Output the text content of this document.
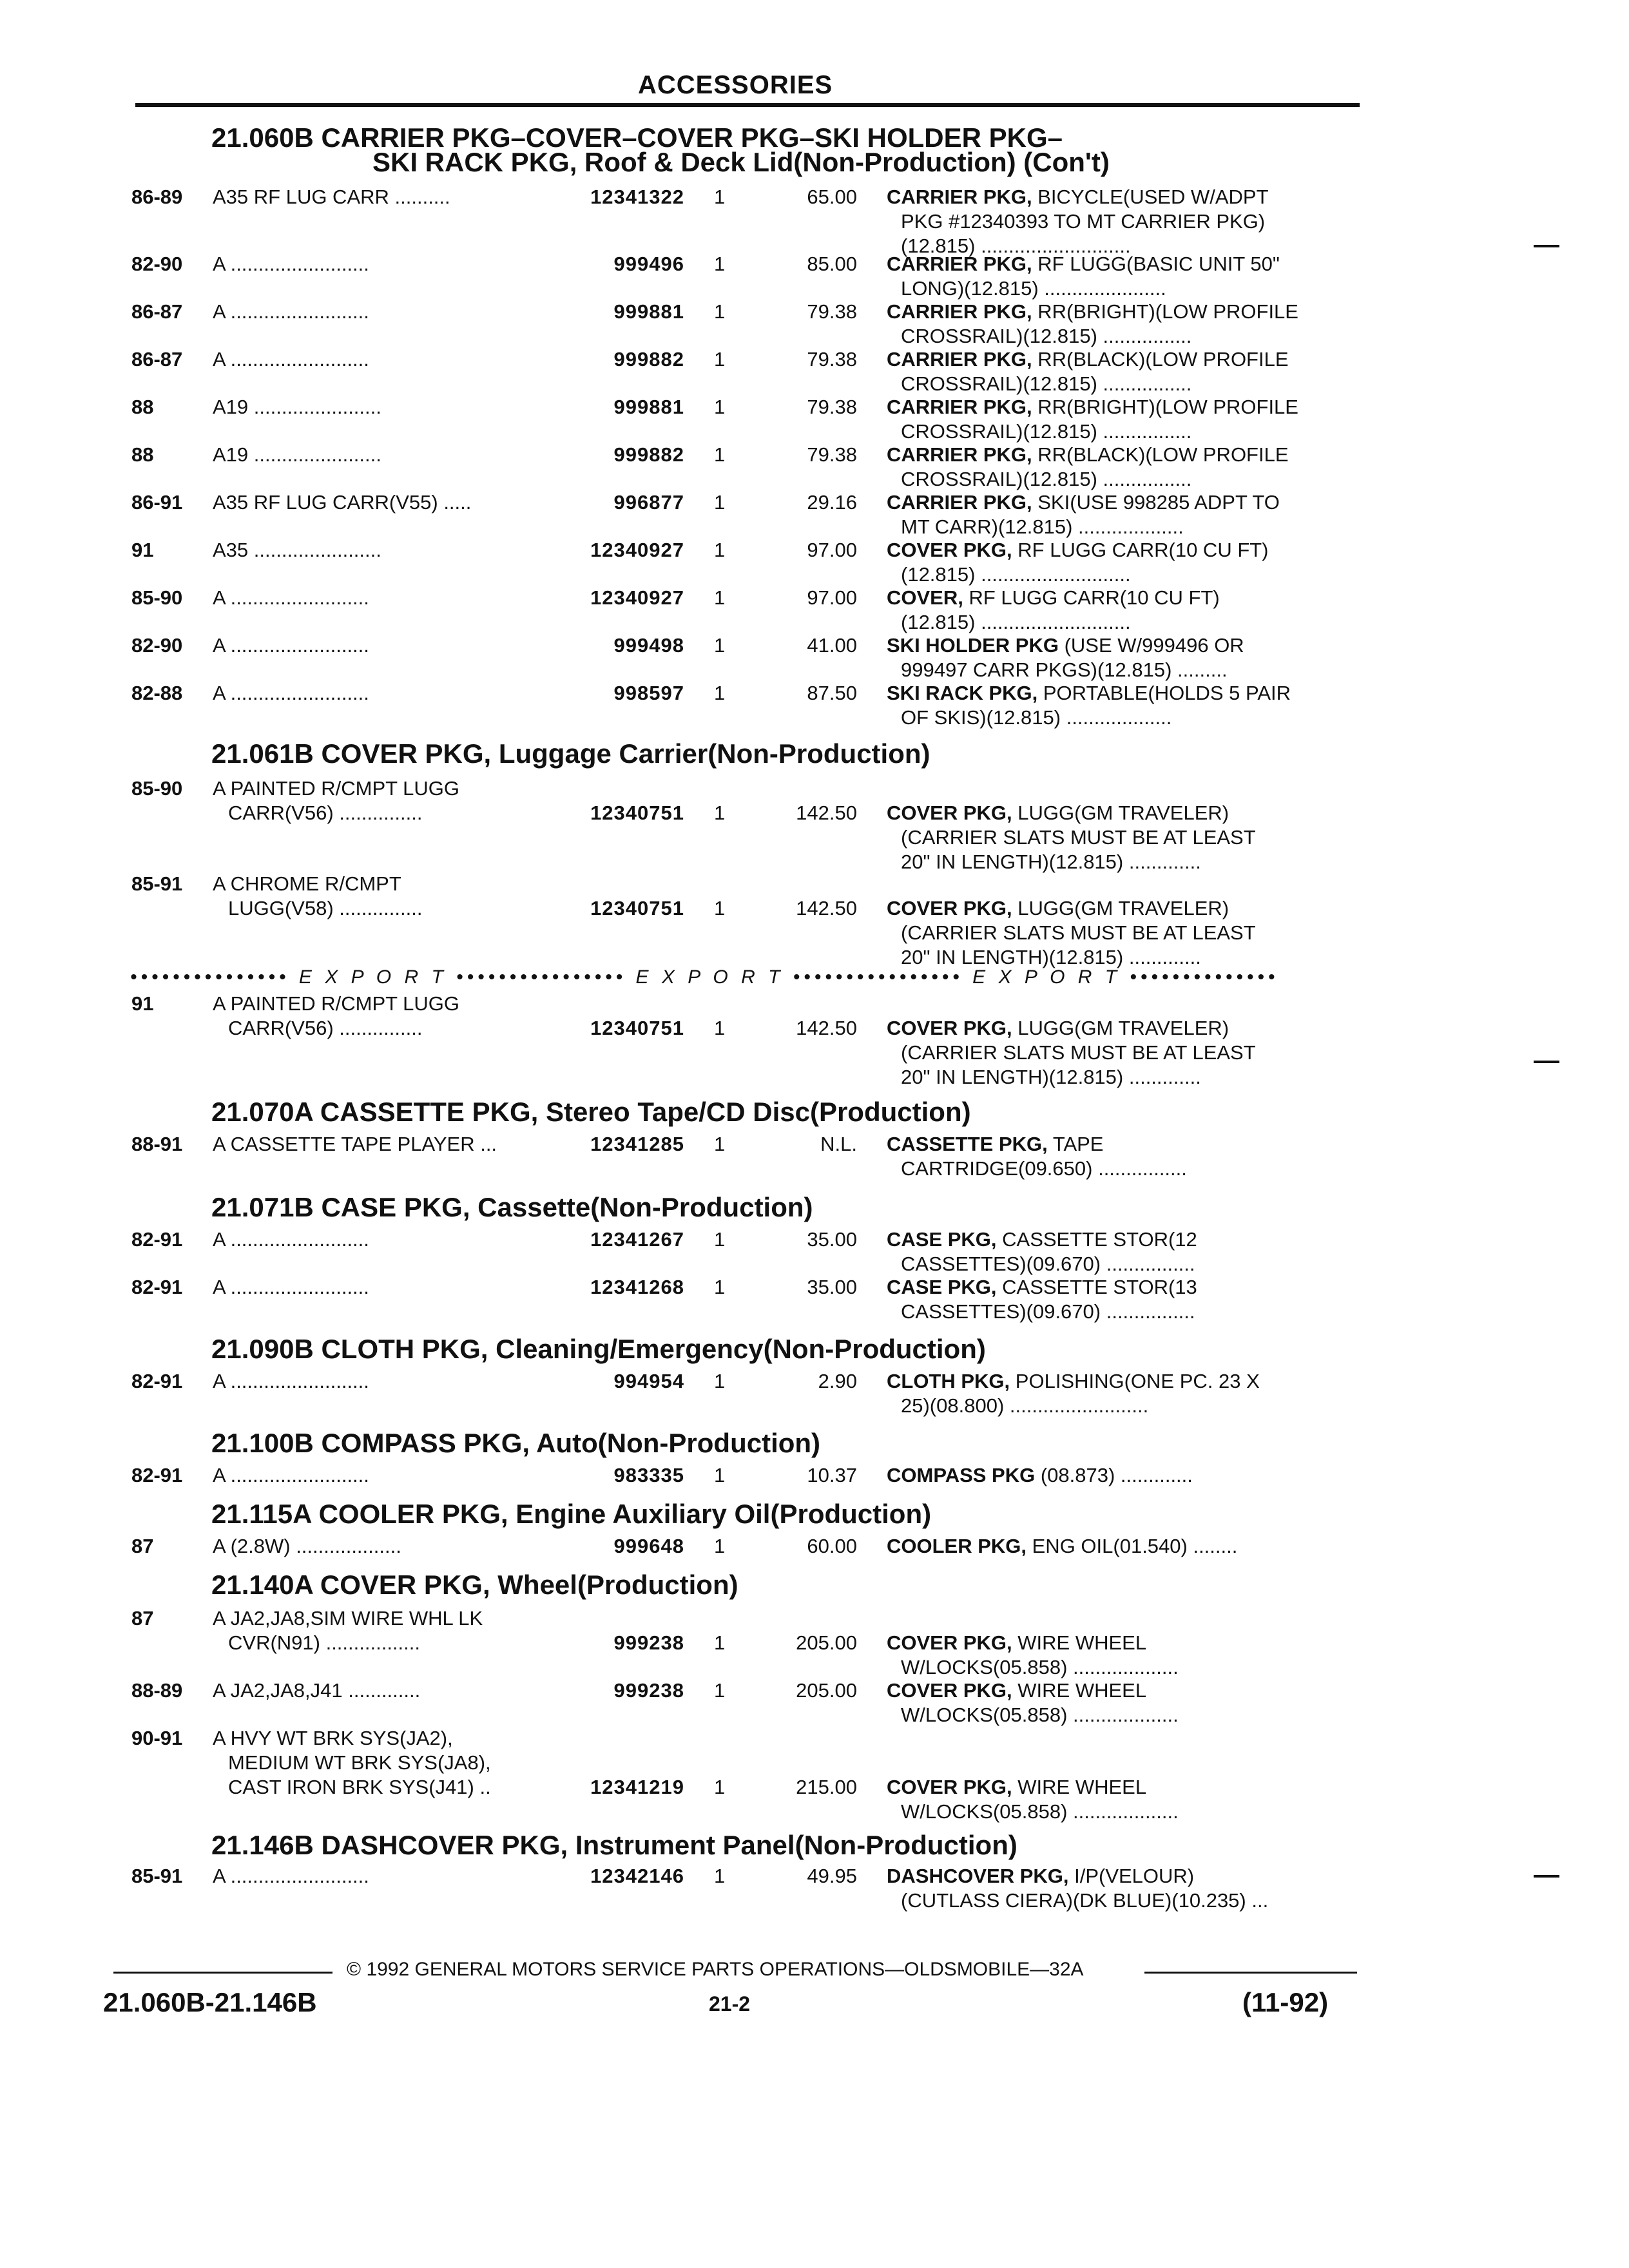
ACCESSORIES
21.060B CARRIER PKG–COVER–COVER PKG–SKI HOLDER PKG–
SKI RACK PKG, Roof & Deck Lid(Non-Production) (Con't)
86-89 A35 RF LUG CARR ..........	12341322 1	65.00 CARRIER PKG, BICYCLE(USED W/ADPT
PKG #12340393 TO MT CARRIER PKG)
(12.815) ...........................
82-90 A .........................	999496 1	85.00 CARRIER PKG, RF LUGG(BASIC UNIT 50"
LONG)(12.815) ......................
86-87 A .........................	999881 1	79.38 CARRIER PKG, RR(BRIGHT)(LOW PROFILE
CROSSRAIL)(12.815) ................
86-87 A .........................	999882 1	79.38 CARRIER PKG, RR(BLACK)(LOW PROFILE
CROSSRAIL)(12.815) ................
88	A19 .......................	999881 1	79.38 CARRIER PKG, RR(BRIGHT)(LOW PROFILE
CROSSRAIL)(12.815) ................
88	A19 .......................	999882 1	79.38 CARRIER PKG, RR(BLACK)(LOW PROFILE
CROSSRAIL)(12.815) ................
86-91 A35 RF LUG CARR(V55) .....	996877 1	29.16 CARRIER PKG, SKI(USE 998285 ADPT TO
MT CARR)(12.815) ...................
91	A35 .......................	12340927 1	97.00 COVER PKG, RF LUGG CARR(10 CU FT)
(12.815) ...........................
85-90 A .........................	12340927 1	97.00 COVER, RF LUGG CARR(10 CU FT)
(12.815) ...........................
82-90 A .........................	999498 1	41.00 SKI HOLDER PKG (USE W/999496 OR
999497 CARR PKGS)(12.815) .........
82-88 A .........................	998597 1	87.50 SKI RACK PKG, PORTABLE(HOLDS 5 PAIR
OF SKIS)(12.815) ...................
21.061B COVER PKG, Luggage Carrier(Non-Production)
85-90 A PAINTED R/CMPT LUGG
CARR(V56) ...............	12340751 1	142.50 COVER PKG, LUGG(GM TRAVELER)
(CARRIER SLATS MUST BE AT LEAST
20" IN LENGTH)(12.815) .............
85-91 A CHROME R/CMPT
LUGG(V58) ...............	12340751 1	142.50 COVER PKG, LUGG(GM TRAVELER)
(CARRIER SLATS MUST BE AT LEAST
20" IN LENGTH)(12.815) .............
••••••••••••••• E X P O R T •••••••••••••••• E X P O R T •••••••••••••••• E X P O R T ••••••••••••••
91	A PAINTED R/CMPT LUGG
CARR(V56) ...............	12340751 1	142.50 COVER PKG, LUGG(GM TRAVELER)
(CARRIER SLATS MUST BE AT LEAST
20" IN LENGTH)(12.815) .............
21.070A CASSETTE PKG, Stereo Tape/CD Disc(Production)
88-91 A CASSETTE TAPE PLAYER ...	12341285 1	N.L. CASSETTE PKG, TAPE
CARTRIDGE(09.650) ................
21.071B CASE PKG, Cassette(Non-Production)
82-91 A .........................	12341267 1	35.00 CASE PKG, CASSETTE STOR(12
CASSETTES)(09.670) ................
82-91 A .........................	12341268 1	35.00 CASE PKG, CASSETTE STOR(13
CASSETTES)(09.670) ................
21.090B CLOTH PKG, Cleaning/Emergency(Non-Production)
82-91 A .........................	994954 1	2.90 CLOTH PKG, POLISHING(ONE PC. 23 X
25)(08.800) .........................
21.100B COMPASS PKG, Auto(Non-Production)
82-91 A .........................	983335 1	10.37 COMPASS PKG (08.873) .............
21.115A COOLER PKG, Engine Auxiliary Oil(Production)
87	A (2.8W) ...................	999648 1	60.00 COOLER PKG, ENG OIL(01.540) ........
21.140A COVER PKG, Wheel(Production)
87	A JA2,JA8,SIM WIRE WHL LK
CVR(N91) .................	999238 1	205.00 COVER PKG, WIRE WHEEL
W/LOCKS(05.858) ...................
88-89 A JA2,JA8,J41 .............	999238 1	205.00 COVER PKG, WIRE WHEEL
W/LOCKS(05.858) ...................
90-91 A HVY WT BRK SYS(JA2),
MEDIUM WT BRK SYS(JA8),
CAST IRON BRK SYS(J41) ..	12341219 1	215.00 COVER PKG, WIRE WHEEL
W/LOCKS(05.858) ...................
21.146B DASHCOVER PKG, Instrument Panel(Non-Production)
85-91 A .........................	12342146 1	49.95 DASHCOVER PKG, I/P(VELOUR)
(CUTLASS CIERA)(DK BLUE)(10.235) ...
© 1992 GENERAL MOTORS SERVICE PARTS OPERATIONS—OLDSMOBILE—32A
21.060B-21.146B	21-2	(11-92)
